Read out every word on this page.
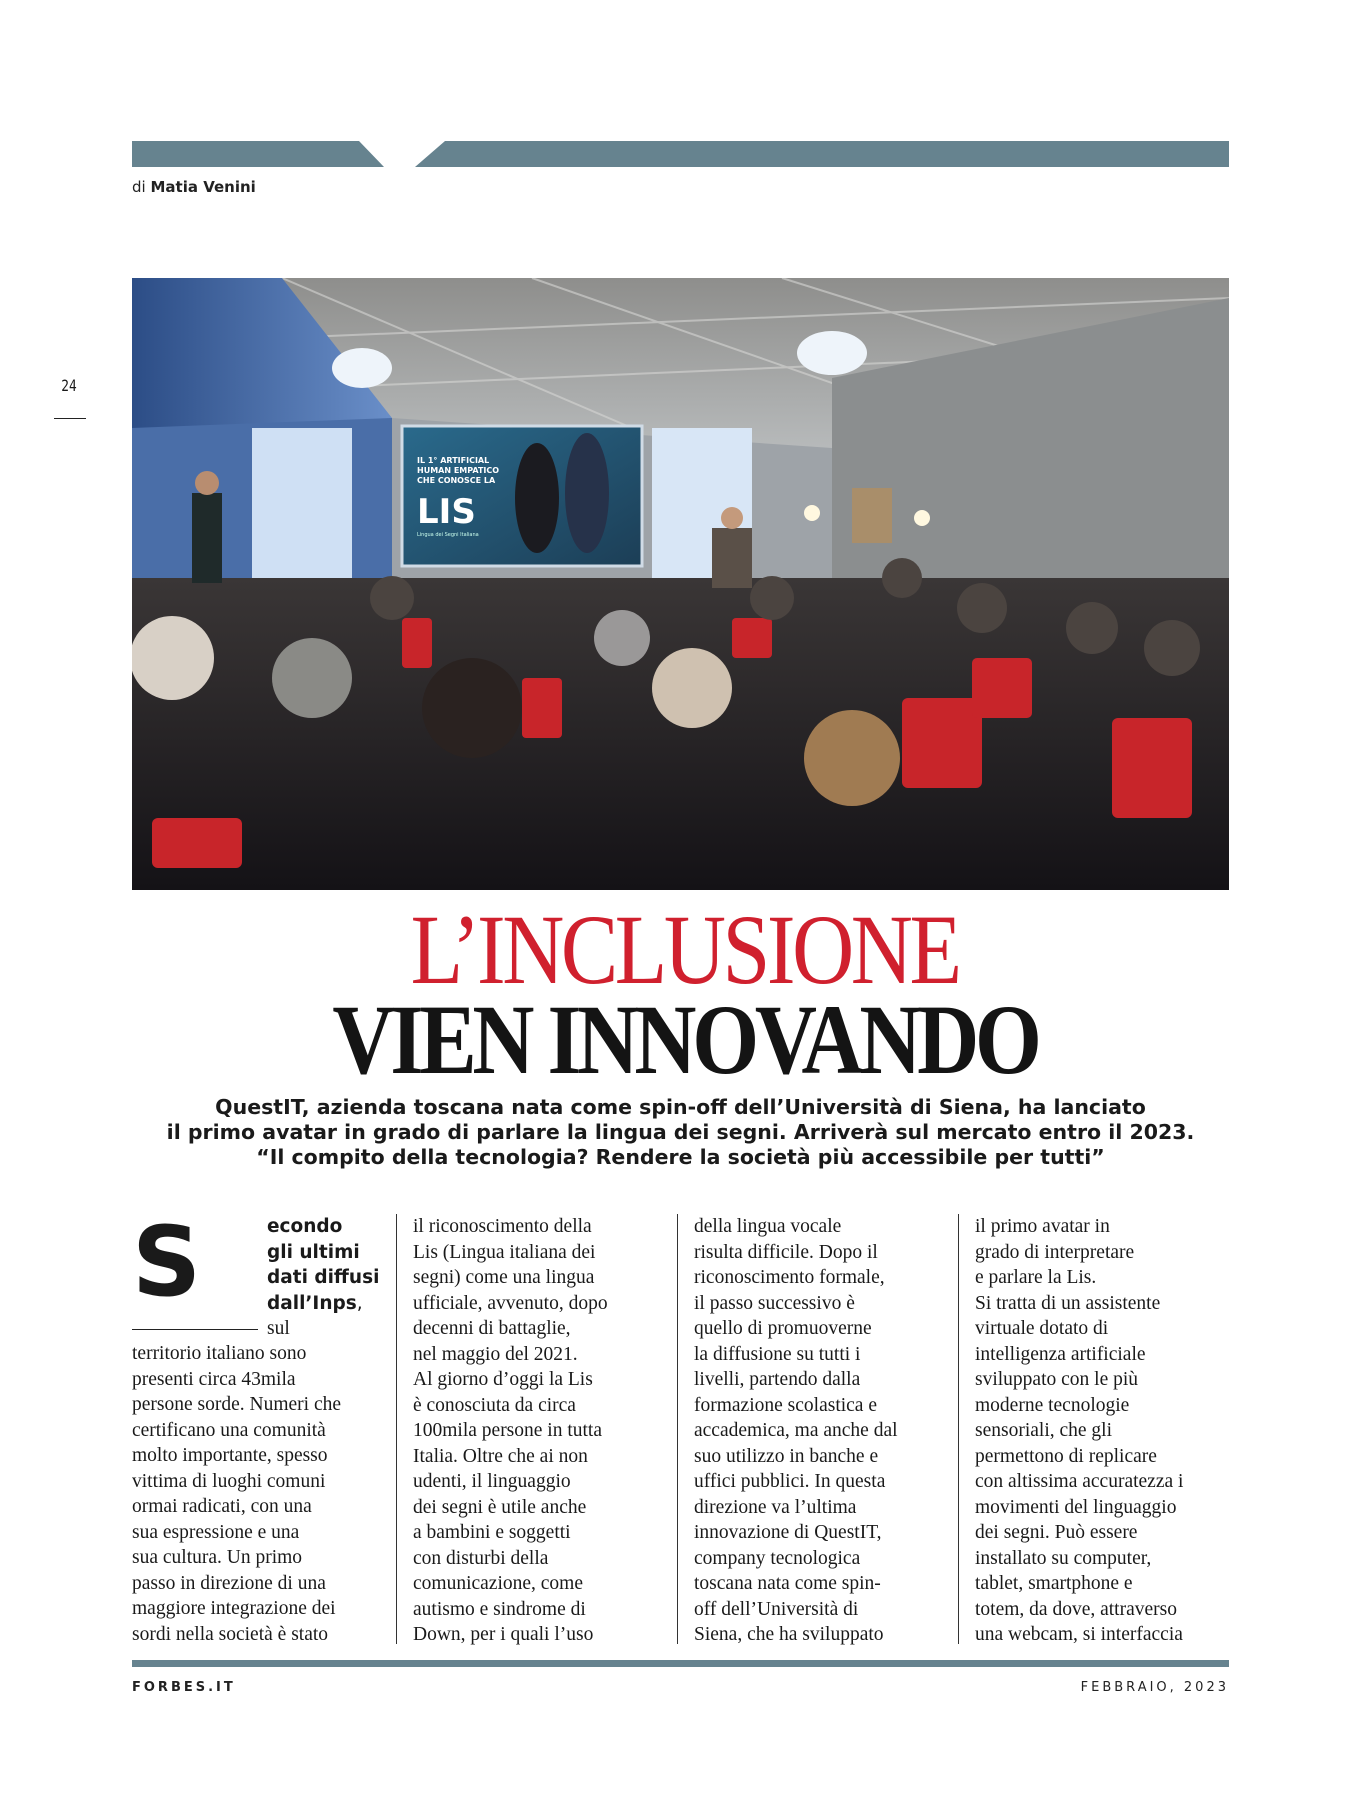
di Matia Venini
24
IL 1° ARTIFICIAL
HUMAN EMPATICO
CHE CONOSCE LA
LIS
Lingua dei Segni Italiana
L’INCLUSIONE
VIEN INNOVANDO
QuestIT, azienda toscana nata come spin-off dell’Università di Siena, ha lanciato
il primo avatar in grado di parlare la lingua dei segni. Arriverà sul mercato entro il 2023.
“Il compito della tecnologia? Rendere la società più accessibile per tutti”
S	econdo
gli ultimi
dati diffusi
dall’Inps,
sul
territorio italiano sono
presenti circa 43mila
persone sorde. Numeri che
certificano una comunità
molto importante, spesso
vittima di luoghi comuni
ormai radicati, con una
sua espressione e una
sua cultura. Un primo
passo in direzione di una
maggiore integrazione dei
sordi nella società è stato
il riconoscimento della
Lis (Lingua italiana dei
segni) come una lingua
ufficiale, avvenuto, dopo
decenni di battaglie,
nel maggio del 2021.
Al giorno d’oggi la Lis
è conosciuta da circa
100mila persone in tutta
Italia. Oltre che ai non
udenti, il linguaggio
dei segni è utile anche
a bambini e soggetti
con disturbi della
comunicazione, come
autismo e sindrome di
Down, per i quali l’uso
della lingua vocale
risulta difficile. Dopo il
riconoscimento formale,
il passo successivo è
quello di promuoverne
la diffusione su tutti i
livelli, partendo dalla
formazione scolastica e
accademica, ma anche dal
suo utilizzo in banche e
uffici pubblici. In questa
direzione va l’ultima
innovazione di QuestIT,
company tecnologica
toscana nata come spin-
off dell’Università di
Siena, che ha sviluppato
il primo avatar in
grado di interpretare
e parlare la Lis.
Si tratta di un assistente
virtuale dotato di
intelligenza artificiale
sviluppato con le più
moderne tecnologie
sensoriali, che gli
permettono di replicare
con altissima accuratezza i
movimenti del linguaggio
dei segni. Può essere
installato su computer,
tablet, smartphone e
totem, da dove, attraverso
una webcam, si interfaccia
FORBES.IT	FEBBRAIO, 2023
